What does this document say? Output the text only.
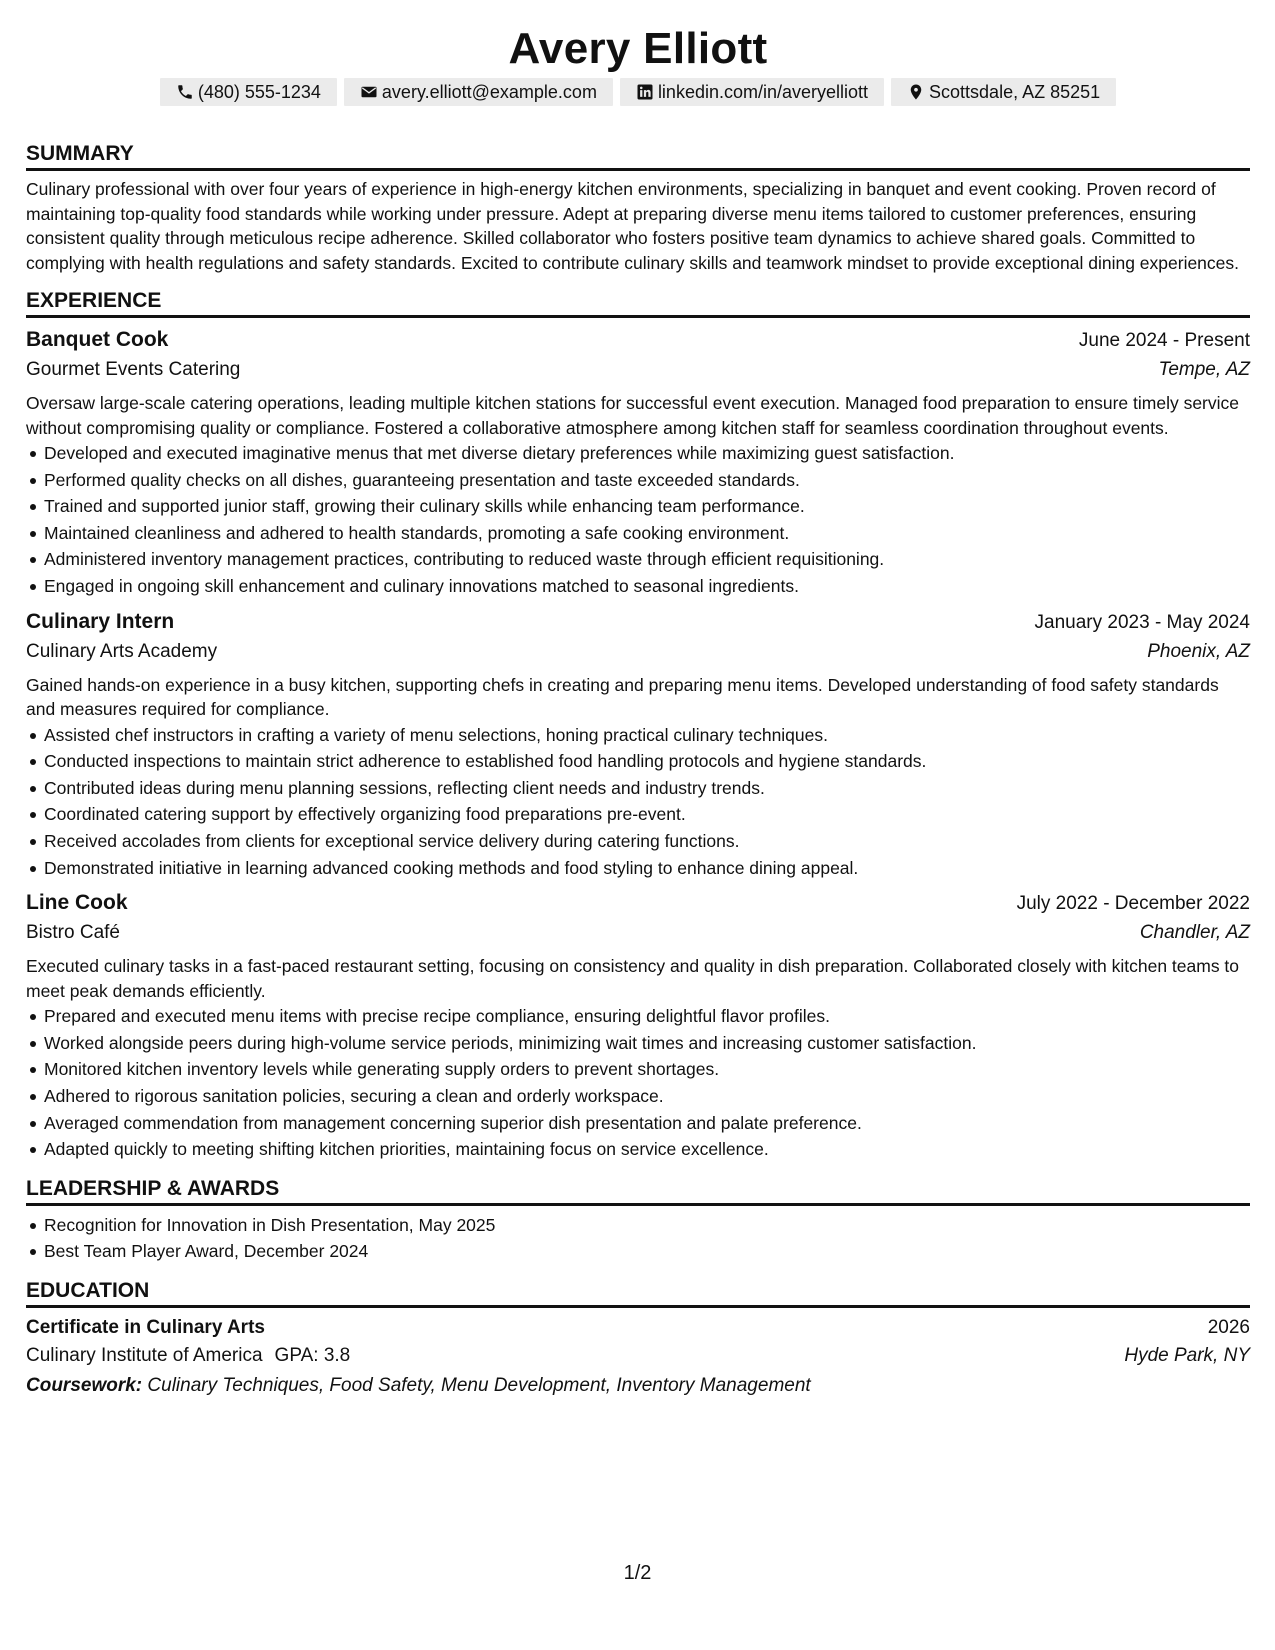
Avery Elliott
(480) 555-1234	avery.elliott@example.com	linkedin.com/in/averyelliott	Scottsdale, AZ 85251
SUMMARY

Culinary professional with over four years of experience in high-energy kitchen environments, specializing in banquet and event cooking. Proven record of maintaining top-quality food standards while working under pressure. Adept at preparing diverse menu items tailored to customer preferences, ensuring consistent quality through meticulous recipe adherence. Skilled collaborator who fosters positive team dynamics to achieve shared goals. Committed to complying with health regulations and safety standards. Excited to contribute culinary skills and teamwork mindset to provide exceptional dining experiences.

EXPERIENCE
Banquet Cook	June 2024 - Present
Gourmet Events Catering	Tempe, AZ

Oversaw large-scale catering operations, leading multiple kitchen stations for successful event execution. Managed food preparation to ensure timely service without compromising quality or compliance. Fostered a collaborative atmosphere among kitchen staff for seamless coordination throughout events.

Developed and executed imaginative menus that met diverse dietary preferences while maximizing guest satisfaction.
Performed quality checks on all dishes, guaranteeing presentation and taste exceeded standards.
Trained and supported junior staff, growing their culinary skills while enhancing team performance.
Maintained cleanliness and adhered to health standards, promoting a safe cooking environment.
Administered inventory management practices, contributing to reduced waste through efficient requisitioning.
Engaged in ongoing skill enhancement and culinary innovations matched to seasonal ingredients.
Culinary Intern	January 2023 - May 2024
Culinary Arts Academy	Phoenix, AZ

Gained hands-on experience in a busy kitchen, supporting chefs in creating and preparing menu items. Developed understanding of food safety standards and measures required for compliance.

Assisted chef instructors in crafting a variety of menu selections, honing practical culinary techniques.
Conducted inspections to maintain strict adherence to established food handling protocols and hygiene standards.
Contributed ideas during menu planning sessions, reflecting client needs and industry trends.
Coordinated catering support by effectively organizing food preparations pre-event.
Received accolades from clients for exceptional service delivery during catering functions.
Demonstrated initiative in learning advanced cooking methods and food styling to enhance dining appeal.
Line Cook	July 2022 - December 2022
Bistro Café	Chandler, AZ

Executed culinary tasks in a fast-paced restaurant setting, focusing on consistency and quality in dish preparation. Collaborated closely with kitchen teams to meet peak demands efficiently.

Prepared and executed menu items with precise recipe compliance, ensuring delightful flavor profiles.
Worked alongside peers during high-volume service periods, minimizing wait times and increasing customer satisfaction.
Monitored kitchen inventory levels while generating supply orders to prevent shortages.
Adhered to rigorous sanitation policies, securing a clean and orderly workspace.
Averaged commendation from management concerning superior dish presentation and palate preference.
Adapted quickly to meeting shifting kitchen priorities, maintaining focus on service excellence.
LEADERSHIP & AWARDS
Recognition for Innovation in Dish Presentation, May 2025
Best Team Player Award, December 2024
EDUCATION
Certificate in Culinary Arts	2026
Culinary Institute of America GPA: 3.8	Hyde Park, NY
Coursework: Culinary Techniques, Food Safety, Menu Development, Inventory Management
1/2
